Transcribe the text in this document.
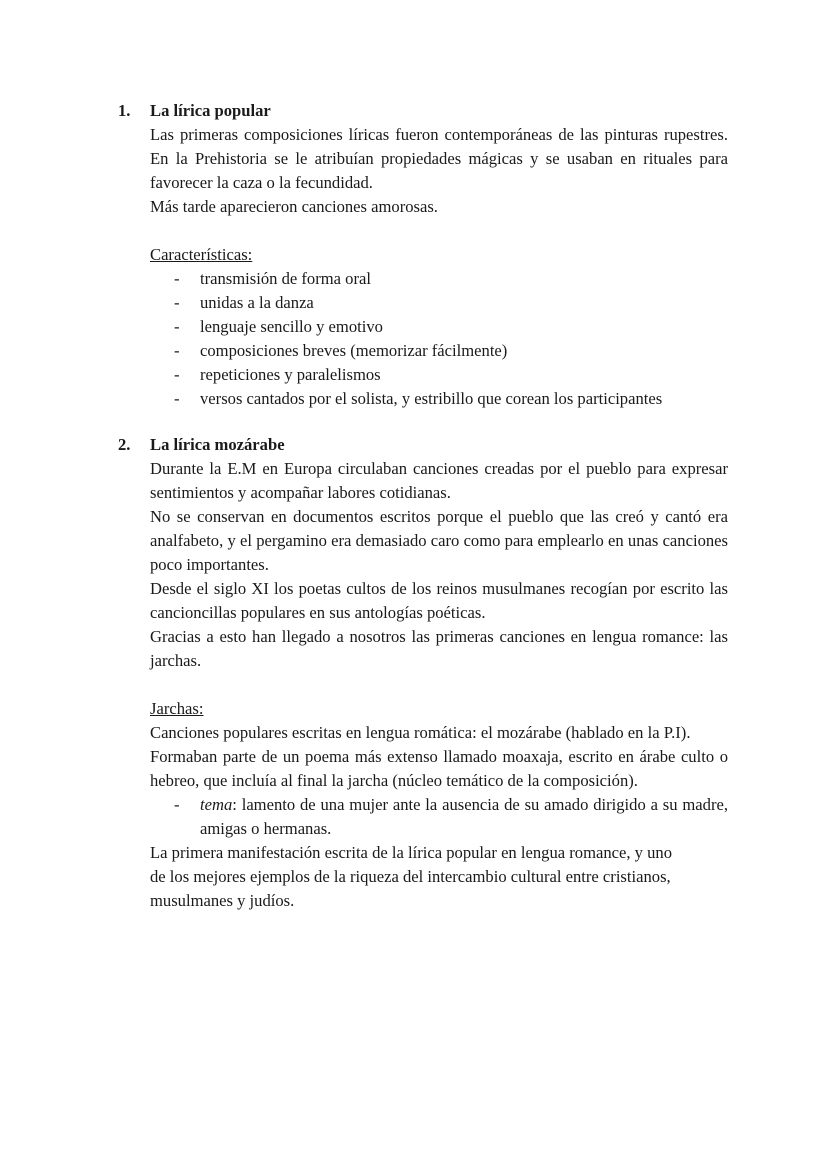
1.	La lírica popular

Las primeras composiciones líricas fueron contemporáneas de las pinturas rupestres. En la Prehistoria se le atribuían propiedades mágicas y se usaban en rituales para favorecer la caza o la fecundidad.

Más tarde aparecieron canciones amorosas.

Características:

-	transmisión de forma oral
-	unidas a la danza
-	lenguaje sencillo y emotivo
-	composiciones breves (memorizar fácilmente)
-	repeticiones y paralelismos
-	versos cantados por el solista, y estribillo que corean los participantes
2.	La lírica mozárabe

Durante la E.M en Europa circulaban canciones creadas por el pueblo para expresar sentimientos y acompañar labores cotidianas.

No se conservan en documentos escritos porque el pueblo que las creó y cantó era analfabeto, y el pergamino era demasiado caro como para emplearlo en unas canciones poco importantes.

Desde el siglo XI los poetas cultos de los reinos musulmanes recogían por escrito las cancioncillas populares en sus antologías poéticas.

Gracias a esto han llegado a nosotros las primeras canciones en lengua romance: las jarchas.

Jarchas:

Canciones populares escritas en lengua romática: el mozárabe (hablado en la P.I).

Formaban parte de un poema más extenso llamado moaxaja, escrito en árabe culto o hebreo, que incluía al final la jarcha (núcleo temático de la composición).

-	tema: lamento de una mujer ante la ausencia de su amado dirigido a su madre, amigas o hermanas.

La primera manifestación escrita de la lírica popular en lengua romance, y uno

de los mejores ejemplos de la riqueza del intercambio cultural entre cristianos,

musulmanes y judíos.
